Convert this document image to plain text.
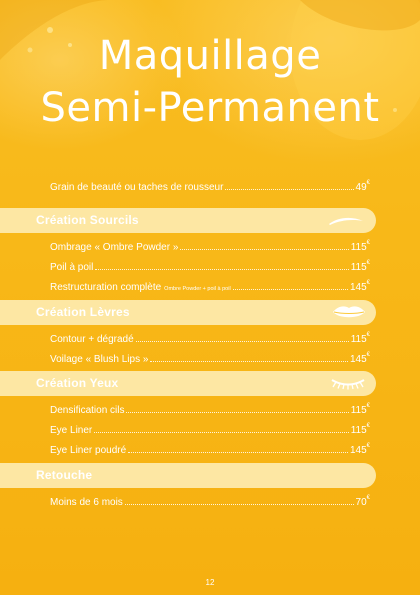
Maquillage
Semi-Permanent
Grain de beauté ou taches de rousseur	49€
Création Sourcils
Ombrage « Ombre Powder »	115€
Poil à poil	115€
Restructuration complète Ombre Powder + poil à poil	145€
Création Lèvres
Contour + dégradé	115€
Voilage « Blush Lips »	145€
Création Yeux
Densification cils	115€
Eye Liner	115€
Eye Liner poudré	145€
Retouche
Moins de 6 mois	70€
12
